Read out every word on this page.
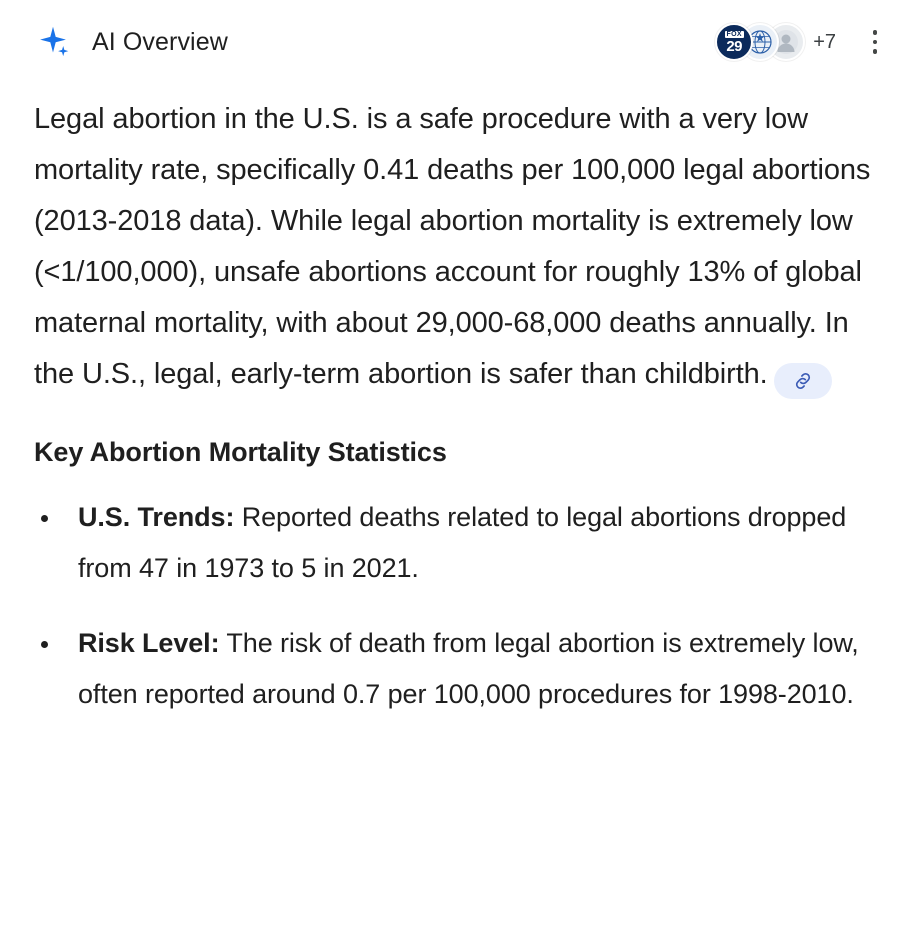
AI Overview	FOX
29	+7
Legal abortion in the U.S. is a safe procedure with a very low mortality rate, specifically 0.41 deaths per 100,000 legal abortions (2013-2018 data). While legal abortion mortality is extremely low (<1/100,000), unsafe abortions account for roughly 13% of global maternal mortality, with about 29,000-68,000 deaths annually. In the U.S., legal, early-term abortion is safer than childbirth.
Key Abortion Mortality Statistics
U.S. Trends: Reported deaths related to legal abortions dropped from 47 in 1973 to 5 in 2021.
Risk Level: The risk of death from legal abortion is extremely low, often reported around 0.7 per 100,000 procedures for 1998-2010.
